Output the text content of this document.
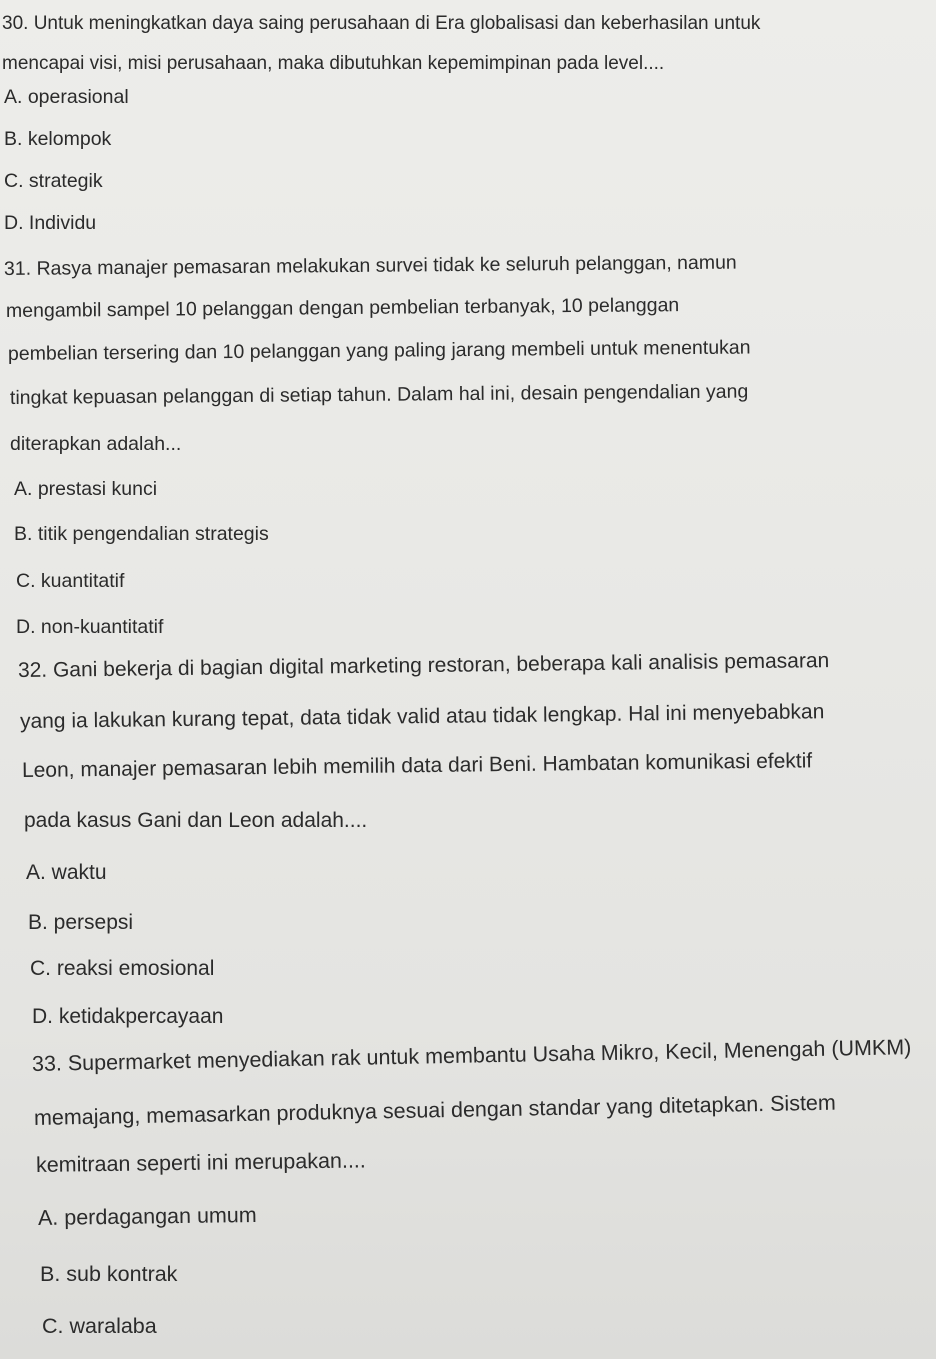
30. Untuk meningkatkan daya saing perusahaan di Era globalisasi dan keberhasilan untuk
mencapai visi, misi perusahaan, maka dibutuhkan kepemimpinan pada level....
A. operasional
B. kelompok
C. strategik
D. Individu
31. Rasya manajer pemasaran melakukan survei tidak ke seluruh pelanggan, namun
mengambil sampel 10 pelanggan dengan pembelian terbanyak, 10 pelanggan
pembelian tersering dan 10 pelanggan yang paling jarang membeli untuk menentukan
tingkat kepuasan pelanggan di setiap tahun. Dalam hal ini, desain pengendalian yang
diterapkan adalah...
A. prestasi kunci
B. titik pengendalian strategis
C. kuantitatif
D. non-kuantitatif
32. Gani bekerja di bagian digital marketing restoran, beberapa kali analisis pemasaran
yang ia lakukan kurang tepat, data tidak valid atau tidak lengkap. Hal ini menyebabkan
Leon, manajer pemasaran lebih memilih data dari Beni. Hambatan komunikasi efektif
pada kasus Gani dan Leon adalah....
A. waktu
B. persepsi
C. reaksi emosional
D. ketidakpercayaan
33. Supermarket menyediakan rak untuk membantu Usaha Mikro, Kecil, Menengah (UMKM)
memajang, memasarkan produknya sesuai dengan standar yang ditetapkan. Sistem
kemitraan seperti ini merupakan....
A. perdagangan umum
B. sub kontrak
C. waralaba
